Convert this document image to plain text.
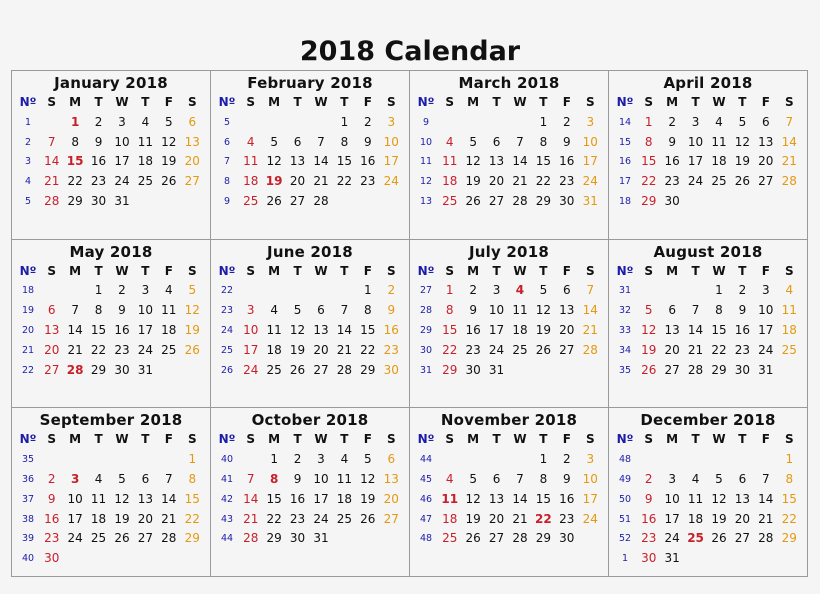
2018 Calendar
January 2018
Nº	S	M	T	W	T	F	S
1		1	2	3	4	5	6
2	7	8	9	10	11	12	13
3	14	15	16	17	18	19	20
4	21	22	23	24	25	26	27
5	28	29	30	31			
February 2018
Nº	S	M	T	W	T	F	S
5					1	2	3
6	4	5	6	7	8	9	10
7	11	12	13	14	15	16	17
8	18	19	20	21	22	23	24
9	25	26	27	28			
March 2018
Nº	S	M	T	W	T	F	S
9					1	2	3
10	4	5	6	7	8	9	10
11	11	12	13	14	15	16	17
12	18	19	20	21	22	23	24
13	25	26	27	28	29	30	31
April 2018
Nº	S	M	T	W	T	F	S
14	1	2	3	4	5	6	7
15	8	9	10	11	12	13	14
16	15	16	17	18	19	20	21
17	22	23	24	25	26	27	28
18	29	30					
May 2018
Nº	S	M	T	W	T	F	S
18			1	2	3	4	5
19	6	7	8	9	10	11	12
20	13	14	15	16	17	18	19
21	20	21	22	23	24	25	26
22	27	28	29	30	31		
June 2018
Nº	S	M	T	W	T	F	S
22						1	2
23	3	4	5	6	7	8	9
24	10	11	12	13	14	15	16
25	17	18	19	20	21	22	23
26	24	25	26	27	28	29	30
July 2018
Nº	S	M	T	W	T	F	S
27	1	2	3	4	5	6	7
28	8	9	10	11	12	13	14
29	15	16	17	18	19	20	21
30	22	23	24	25	26	27	28
31	29	30	31				
August 2018
Nº	S	M	T	W	T	F	S
31				1	2	3	4
32	5	6	7	8	9	10	11
33	12	13	14	15	16	17	18
34	19	20	21	22	23	24	25
35	26	27	28	29	30	31	
September 2018
Nº	S	M	T	W	T	F	S
35							1
36	2	3	4	5	6	7	8
37	9	10	11	12	13	14	15
38	16	17	18	19	20	21	22
39	23	24	25	26	27	28	29
40	30						
October 2018
Nº	S	M	T	W	T	F	S
40		1	2	3	4	5	6
41	7	8	9	10	11	12	13
42	14	15	16	17	18	19	20
43	21	22	23	24	25	26	27
44	28	29	30	31			
November 2018
Nº	S	M	T	W	T	F	S
44					1	2	3
45	4	5	6	7	8	9	10
46	11	12	13	14	15	16	17
47	18	19	20	21	22	23	24
48	25	26	27	28	29	30	
December 2018
Nº	S	M	T	W	T	F	S
48							1
49	2	3	4	5	6	7	8
50	9	10	11	12	13	14	15
51	16	17	18	19	20	21	22
52	23	24	25	26	27	28	29
1	30	31					
